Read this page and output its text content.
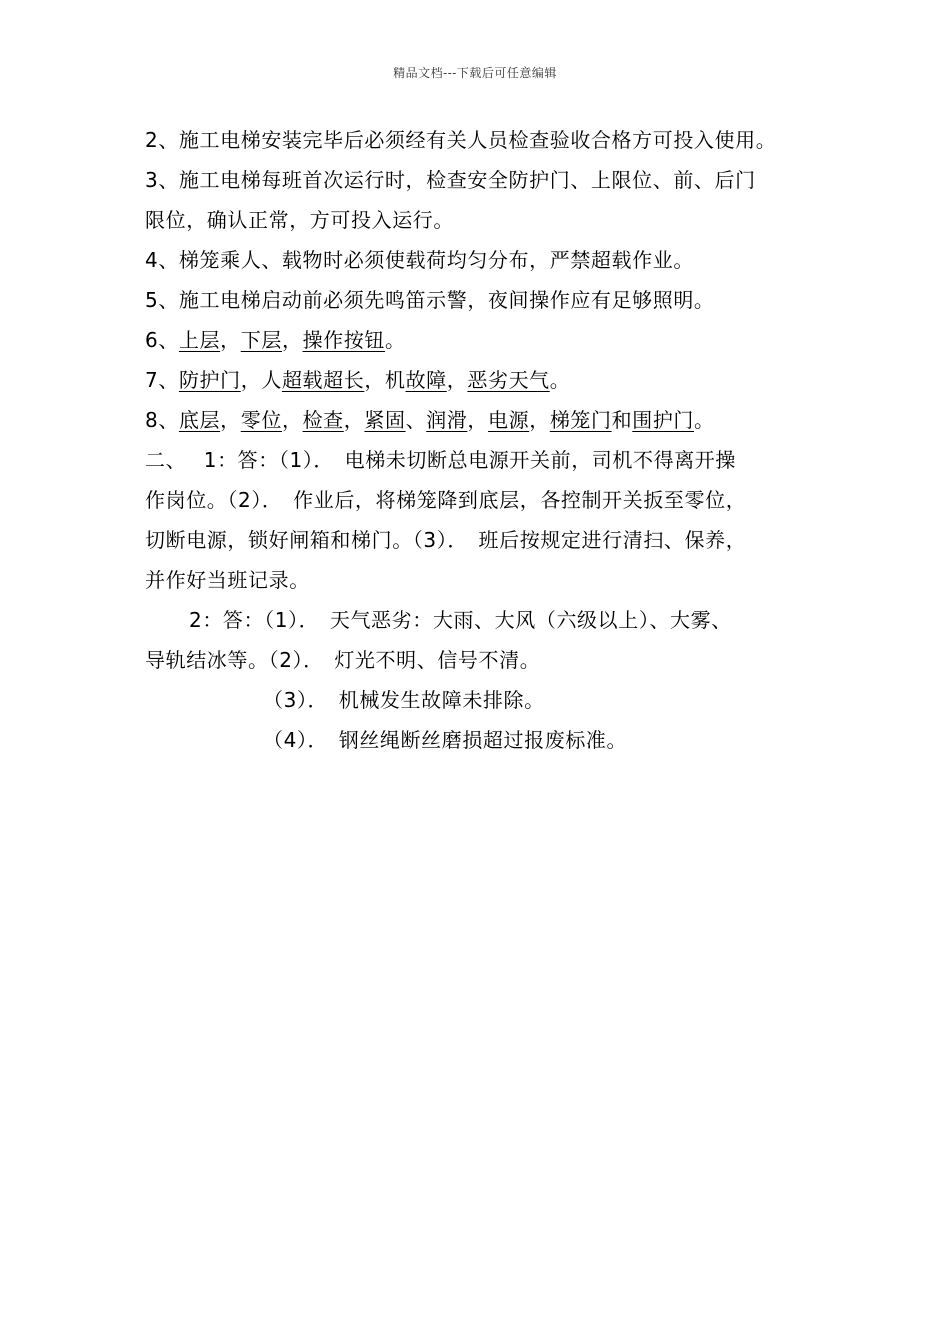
精品文档---下载后可任意编辑
2、施工电梯安装完毕后必须经有关人员检查验收合格方可投入使用。
3、施工电梯每班首次运行时，检查安全防护门、上限位、前、后门
限位，确认正常，方可投入运行。
4、梯笼乘人、载物时必须使载荷均匀分布，严禁超载作业。
5、施工电梯启动前必须先鸣笛示警，夜间操作应有足够照明。
6、上层，下层，操作按钮。
7、防护门，人超载超长，机故障，恶劣天气。
8、底层，零位，检查，紧固、润滑，电源，梯笼门和围护门。
二、　 1：答：（1）．　电梯未切断总电源开关前，司机不得离开操
作岗位。（2）．　作业后，将梯笼降到底层，各控制开关扳至零位，
切断电源，锁好闸箱和梯门。（3）．　班后按规定进行清扫、保养，
并作好当班记录。
2：答：（1）．　天气恶劣：大雨、大风（六级以上）、大雾、
导轨结冰等。（2）．　灯光不明、信号不清。
（3）．　机械发生故障未排除。
（4）．　钢丝绳断丝磨损超过报废标准。
